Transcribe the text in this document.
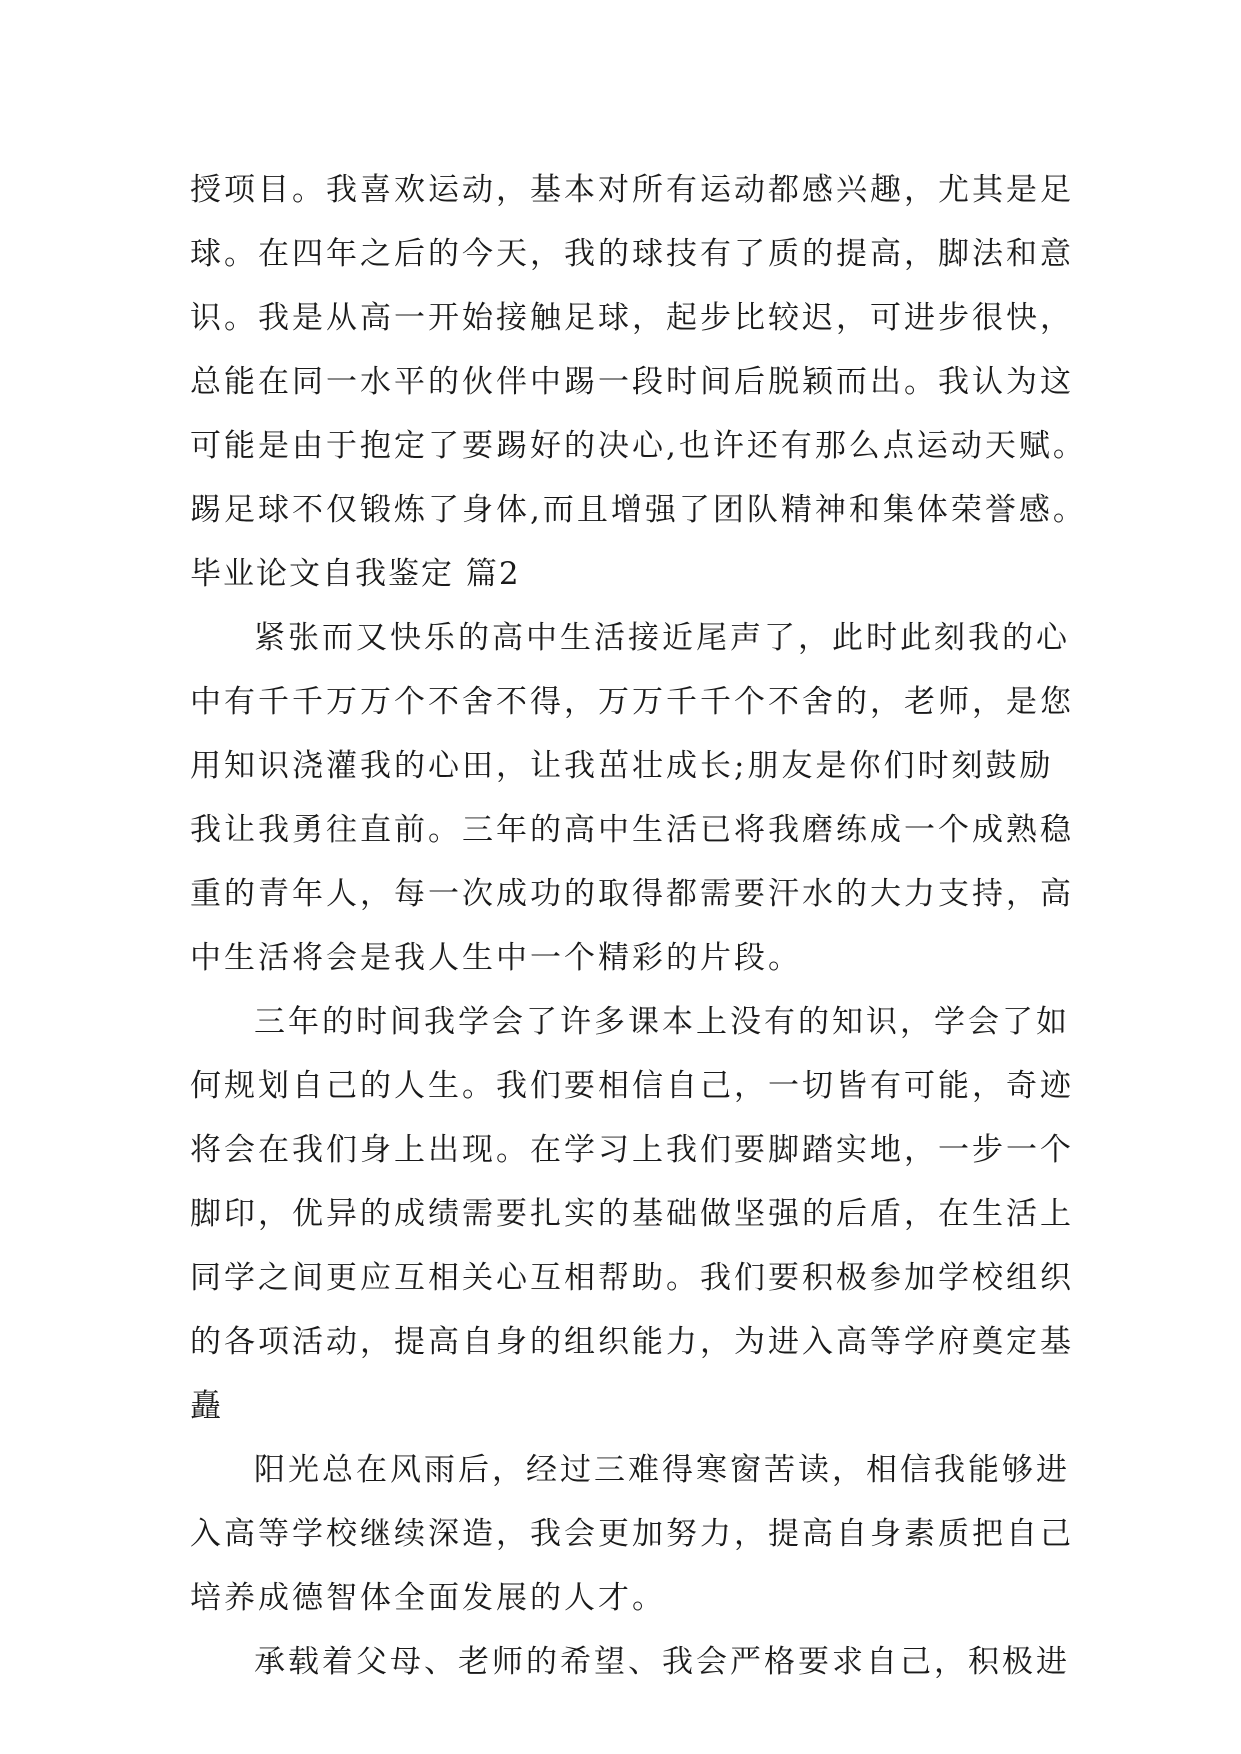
授项目。我喜欢运动，基本对所有运动都感兴趣，尤其是足
球。在四年之后的今天，我的球技有了质的提高，脚法和意
识。我是从高一开始接触足球，起步比较迟，可进步很快，
总能在同一水平的伙伴中踢一段时间后脱颖而出。我认为这
可能是由于抱定了要踢好的决心,也许还有那么点运动天赋。
踢足球不仅锻炼了身体,而且增强了团队精神和集体荣誉感。
毕业论文自我鉴定 篇2
紧张而又快乐的高中生活接近尾声了，此时此刻我的心
中有千千万万个不舍不得，万万千千个不舍的，老师，是您
用知识浇灌我的心田，让我茁壮成长;朋友是你们时刻鼓励
我让我勇往直前。三年的高中生活已将我磨练成一个成熟稳
重的青年人，每一次成功的取得都需要汗水的大力支持，高
中生活将会是我人生中一个精彩的片段。
三年的时间我学会了许多课本上没有的知识，学会了如
何规划自己的人生。我们要相信自己，一切皆有可能，奇迹
将会在我们身上出现。在学习上我们要脚踏实地，一步一个
脚印，优异的成绩需要扎实的基础做坚强的后盾，在生活上
同学之间更应互相关心互相帮助。我们要积极参加学校组织
的各项活动，提高自身的组织能力，为进入高等学府奠定基
矗
阳光总在风雨后，经过三难得寒窗苦读，相信我能够进
入高等学校继续深造，我会更加努力，提高自身素质把自己
培养成德智体全面发展的人才。
承载着父母、老师的希望、我会严格要求自己，积极进
